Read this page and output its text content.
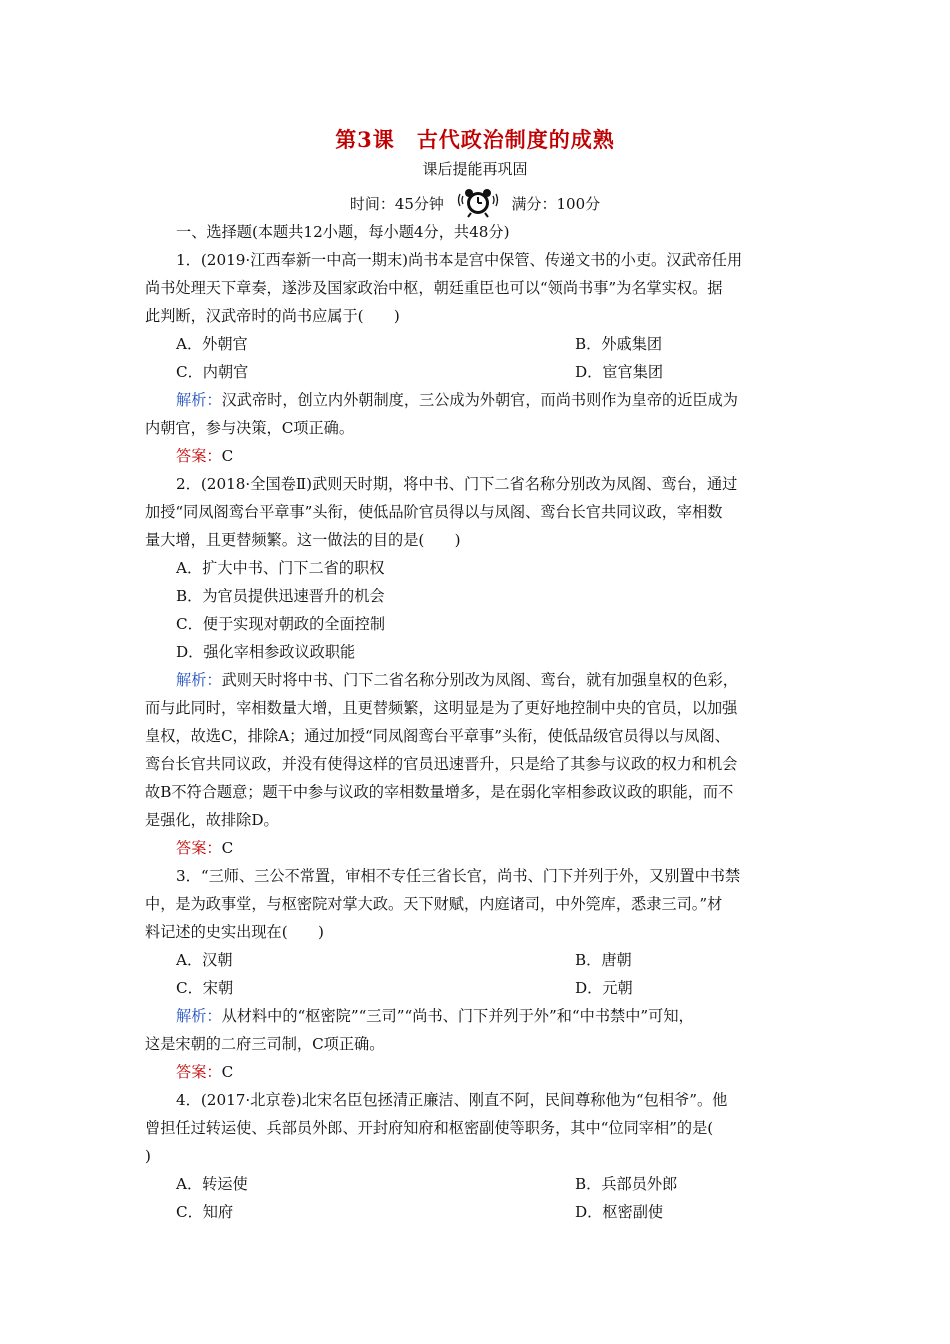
第3课 古代政治制度的成熟
课后提能再巩固
时间：45分钟	满分：100分
一、选择题(本题共12小题，每小题4分，共48分)
1．(2019·江西奉新一中高一期末)尚书本是宫中保管、传递文书的小吏。汉武帝任用
尚书处理天下章奏，遂涉及国家政治中枢，朝廷重臣也可以“领尚书事”为名掌实权。据
此判断，汉武帝时的尚书应属于(　　)
A．外朝官	B．外戚集团
C．内朝官	D．宦官集团
解析：汉武帝时，创立内外朝制度，三公成为外朝官，而尚书则作为皇帝的近臣成为
内朝官，参与决策，C项正确。
答案：C
2．(2018·全国卷Ⅱ)武则天时期，将中书、门下二省名称分别改为凤阁、鸾台，通过
加授“同凤阁鸾台平章事”头衔，使低品阶官员得以与凤阁、鸾台长官共同议政，宰相数
量大增，且更替频繁。这一做法的目的是(　　)
A．扩大中书、门下二省的职权
B．为官员提供迅速晋升的机会
C．便于实现对朝政的全面控制
D．强化宰相参政议政职能
解析：武则天时将中书、门下二省名称分别改为凤阁、鸾台，就有加强皇权的色彩，
而与此同时，宰相数量大增，且更替频繁，这明显是为了更好地控制中央的官员，以加强
皇权，故选C，排除A；通过加授“同凤阁鸾台平章事”头衔，使低品级官员得以与凤阁、
鸾台长官共同议政，并没有使得这样的官员迅速晋升，只是给了其参与议政的权力和机会
故B不符合题意；题干中参与议政的宰相数量增多，是在弱化宰相参政议政的职能，而不
是强化，故排除D。
答案：C
3．“三师、三公不常置，审相不专任三省长官，尚书、门下并列于外，又别置中书禁
中，是为政事堂，与枢密院对掌大政。天下财赋，内庭诸司，中外筦库，悉隶三司。”材
料记述的史实出现在(　　)
A．汉朝	B．唐朝
C．宋朝	D．元朝
解析：从材料中的“枢密院”“三司”“尚书、门下并列于外”和“中书禁中”可知，
这是宋朝的二府三司制，C项正确。
答案：C
4．(2017·北京卷)北宋名臣包拯清正廉洁、刚直不阿，民间尊称他为“包相爷”。他
曾担任过转运使、兵部员外郎、开封府知府和枢密副使等职务，其中“位同宰相”的是(
)
A．转运使	B．兵部员外郎
C．知府	D．枢密副使
